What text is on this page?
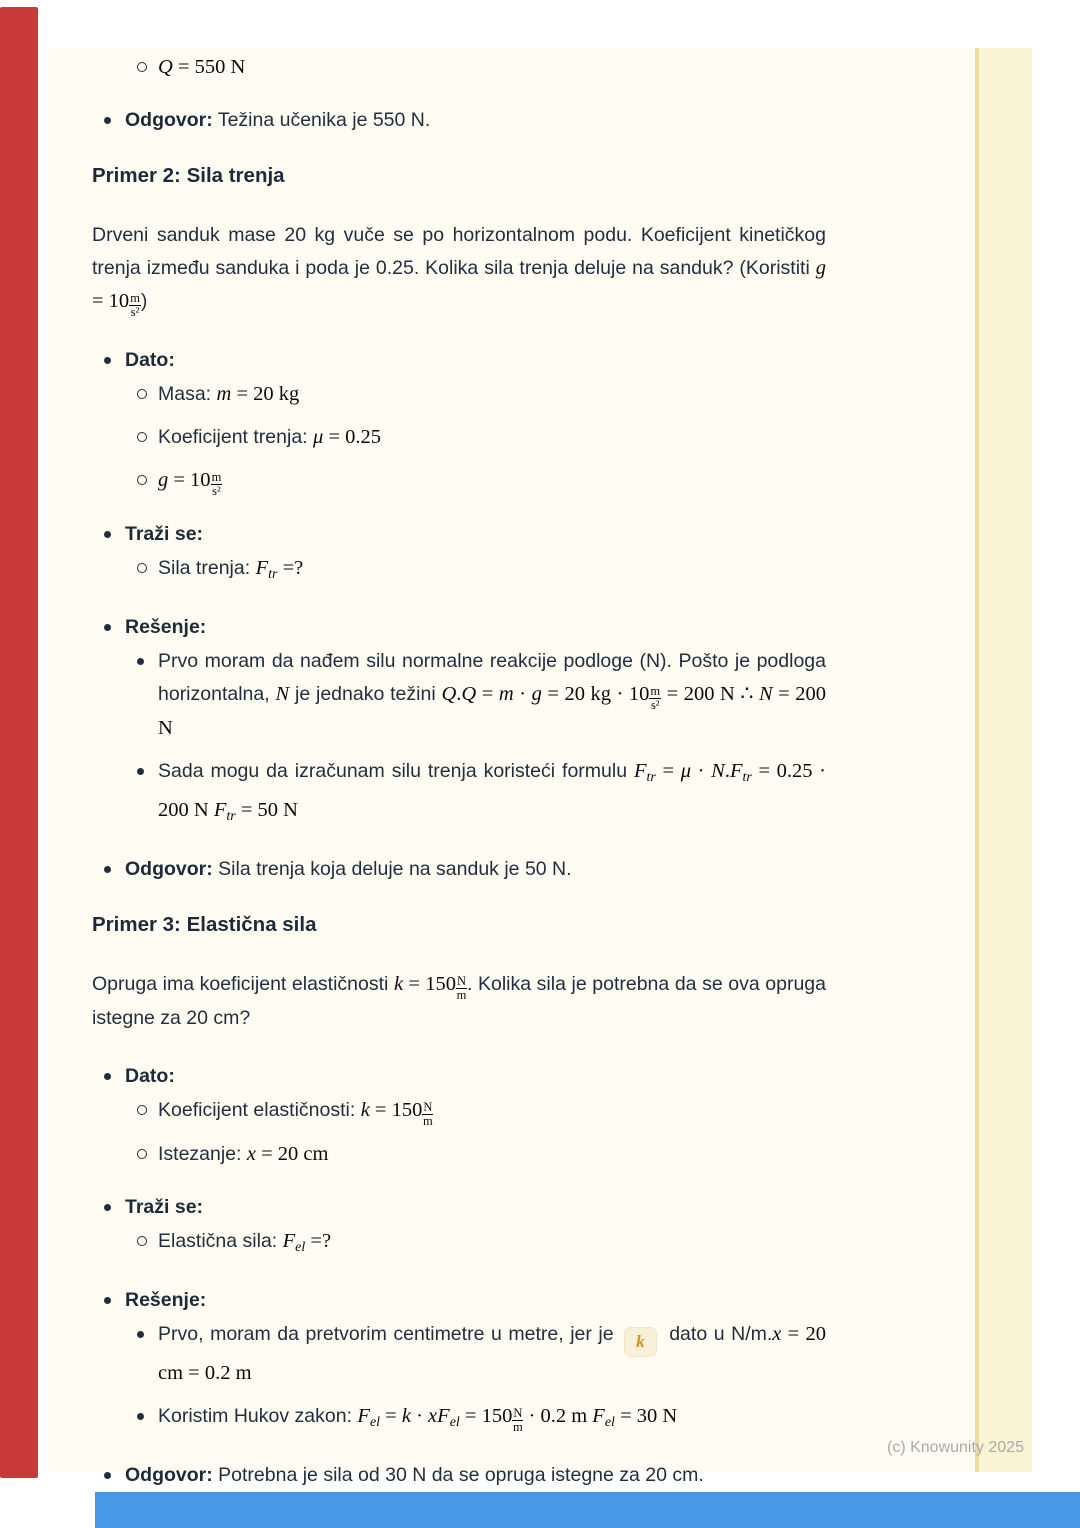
Q = 550 N
Odgovor: Težina učenika je 550 N.
Primer 2: Sila trenja
Drveni sanduk mase 20 kg vuče se po horizontalnom podu. Koeficijent kinetičkog trenja između sanduka i poda je 0.25. Kolika sila trenja deluje na sanduk? (Koristiti $g = 10 \frac{m}{\text{s²}}$ )
Dato:
Masa: m = 20 kg
Koeficijent trenja: μ = 0.25
$g = 10 \frac{m}{\text{s²}}$
Traži se:
Sila trenja: $F_{tr}$ =?
Rešenje:
Prvo moram da nađem silu normalne reakcije podloge (N). Pošto je podloga horizontalna, N je jednako težini Q.Q = m · g = 20 kg · $10 \frac{m}{\text{s²}} = 200$ N ∴ N = 200 N
Sada mogu da izračunam silu trenja koristeći formulu $F_{tr} = \mu \cdot N.F_{tr} = 0.25 \cdot 200$ N $F_{tr} = 50$ N
Odgovor: Sila trenja koja deluje na sanduk je 50 N.
Primer 3: Elastična sila
Opruga ima koeficijent elastičnosti $k = 150 \frac{N}{m}$ . Kolika sila je potrebna da se ova opruga istegne za 20 cm?
Dato:
Koeficijent elastičnosti: $k = 150 \frac{N}{m}$
Istezanje: x = 20 cm
Traži se:
Elastična sila: $F_{el}$ =?
Rešenje:
Prvo, moram da pretvorim centimetre u metre, jer je k dato u N/m.x = 20 cm = 0.2 m
Koristim Hukov zakon: $F_{el} = k \cdot xF_{el} = 150 \frac{N}{m} \cdot 0.2$ m $F_{el} = 30$ N
Odgovor: Potrebna je sila od 30 N da se opruga istegne za 20 cm.
(c) Knowunity 2025
